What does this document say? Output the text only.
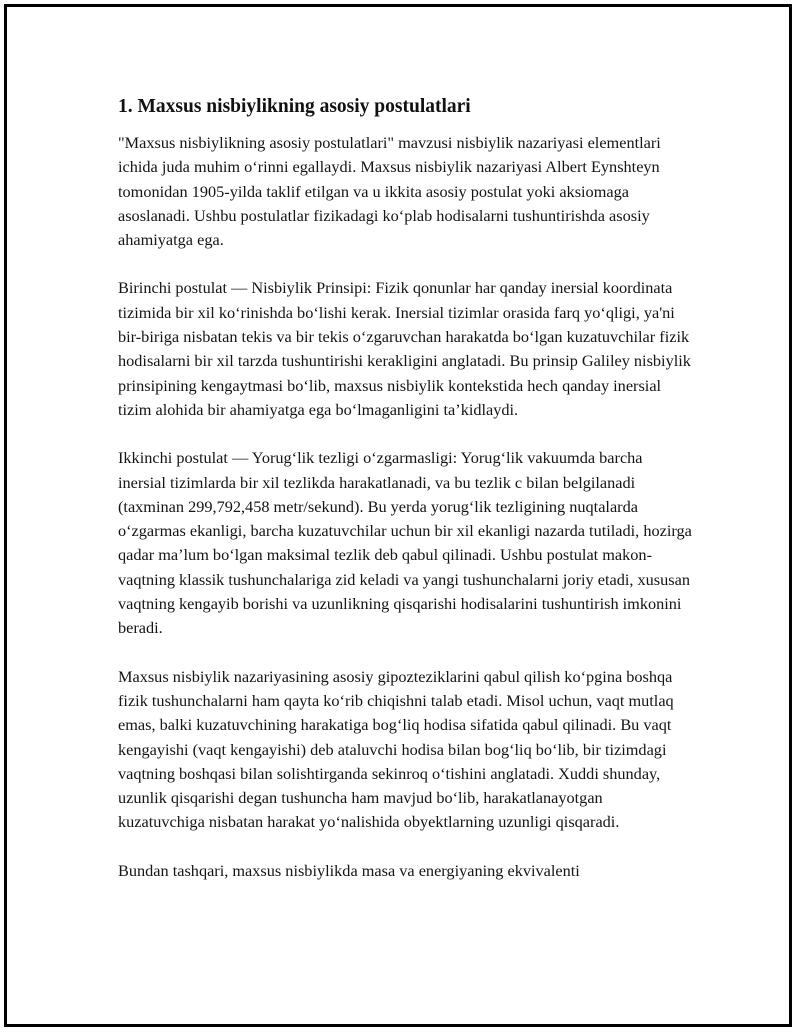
1. Maxsus nisbiylikning asosiy postulatlari

"Maxsus nisbiylikning asosiy postulatlari" mavzusi nisbiylik nazariyasi elementlari ichida juda muhim oʻrinni egallaydi. Maxsus nisbiylik nazariyasi Albert Eynshteyn tomonidan 1905-yilda taklif etilgan va u ikkita asosiy postulat yoki aksiomaga asoslanadi. Ushbu postulatlar fizikadagi koʻplab hodisalarni tushuntirishda asosiy ahamiyatga ega.

Birinchi postulat — Nisbiylik Prinsipi: Fizik qonunlar har qanday inersial koordinata tizimida bir xil koʻrinishda boʻlishi kerak. Inersial tizimlar orasida farq yoʻqligi, ya'ni bir-biriga nisbatan tekis va bir tekis oʻzgaruvchan harakatda boʻlgan kuzatuvchilar fizik hodisalarni bir xil tarzda tushuntirishi kerakligini anglatadi. Bu prinsip Galiley nisbiylik prinsipining kengaytmasi boʻlib, maxsus nisbiylik kontekstida hech qanday inersial tizim alohida bir ahamiyatga ega boʻlmaganligini taʼkidlaydi.

Ikkinchi postulat — Yorugʻlik tezligi oʻzgarmasligi: Yorugʻlik vakuumda barcha inersial tizimlarda bir xil tezlikda harakatlanadi, va bu tezlik c bilan belgilanadi (taxminan 299,792,458 metr/sekund). Bu yerda yorugʻlik tezligining nuqtalarda oʻzgarmas ekanligi, barcha kuzatuvchilar uchun bir xil ekanligi nazarda tutiladi, hozirga qadar maʼlum boʻlgan maksimal tezlik deb qabul qilinadi. Ushbu postulat makon-vaqtning klassik tushunchalariga zid keladi va yangi tushunchalarni joriy etadi, xususan vaqtning kengayib borishi va uzunlikning qisqarishi hodisalarini tushuntirish imkonini beradi.

Maxsus nisbiylik nazariyasining asosiy gipozteziklarini qabul qilish koʻpgina boshqa fizik tushunchalarni ham qayta koʻrib chiqishni talab etadi. Misol uchun, vaqt mutlaq emas, balki kuzatuvchining harakatiga bogʻliq hodisa sifatida qabul qilinadi. Bu vaqt kengayishi (vaqt kengayishi) deb ataluvchi hodisa bilan bogʻliq boʻlib, bir tizimdagi vaqtning boshqasi bilan solishtirganda sekinroq oʻtishini anglatadi. Xuddi shunday, uzunlik qisqarishi degan tushuncha ham mavjud boʻlib, harakatlanayotgan kuzatuvchiga nisbatan harakat yoʻnalishida obyektlarning uzunligi qisqaradi.

Bundan tashqari, maxsus nisbiylikda masa va energiyaning ekvivalenti
